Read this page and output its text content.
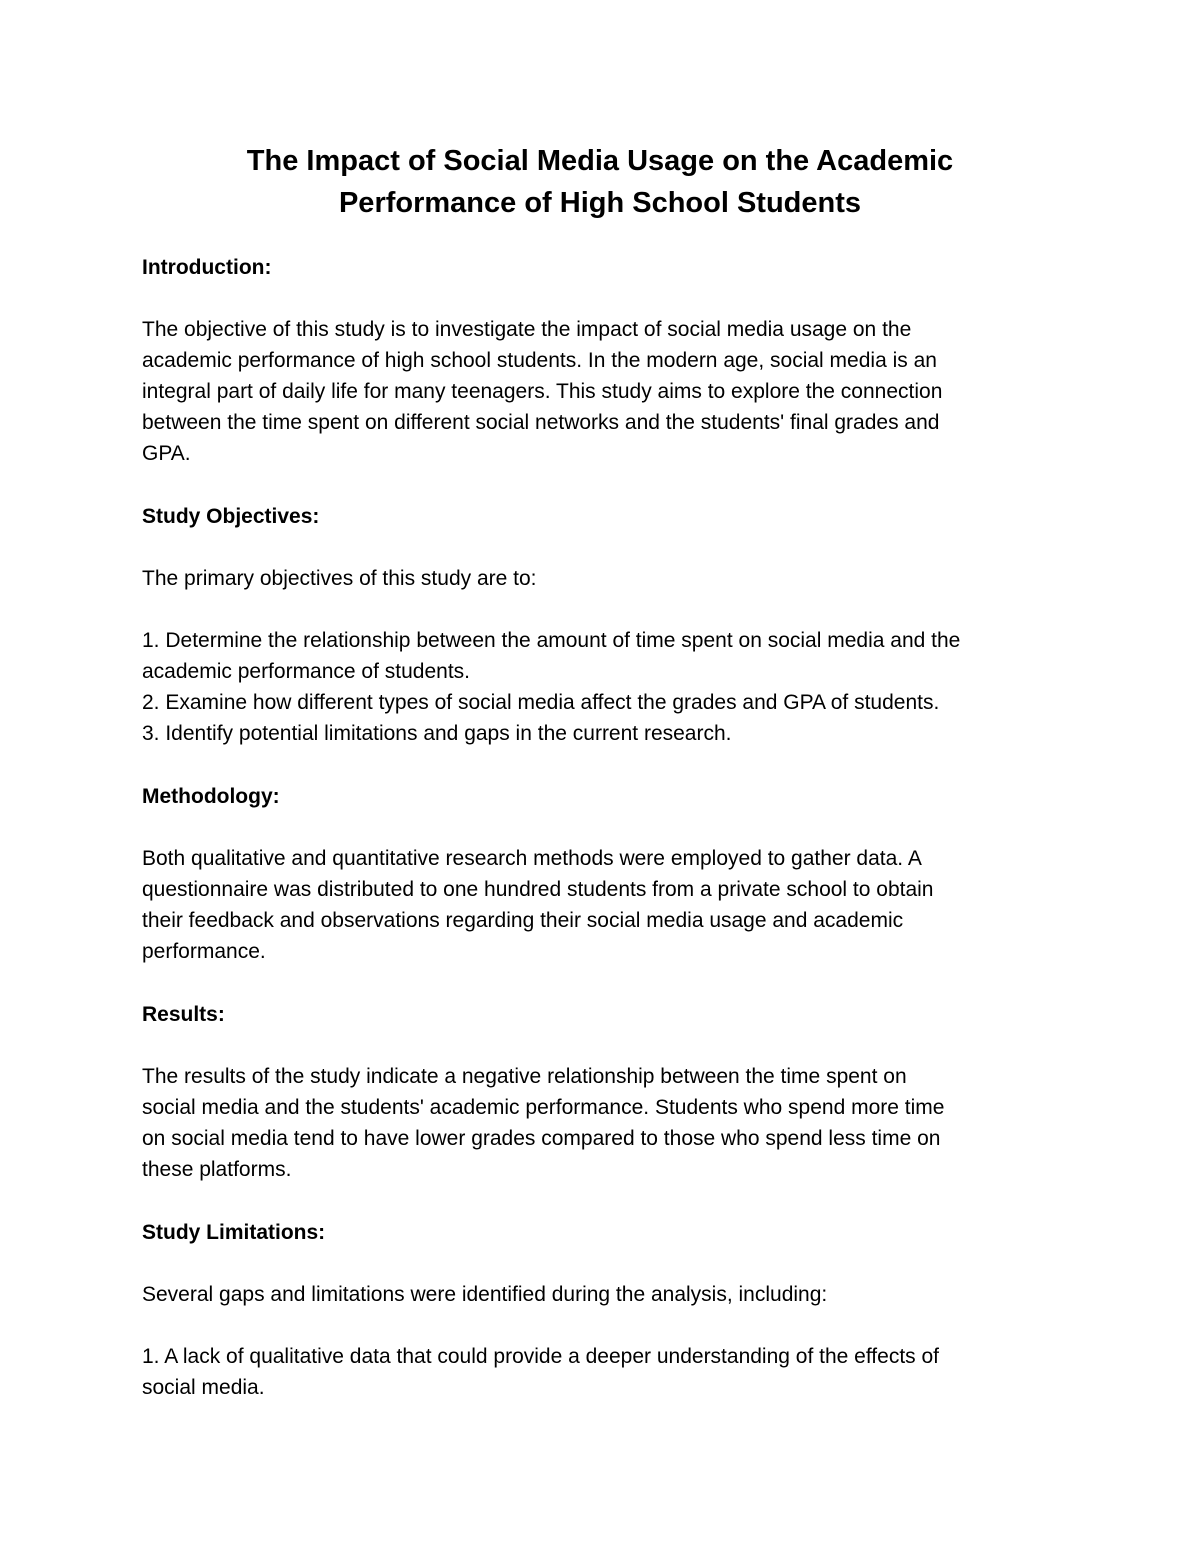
The Impact of Social Media Usage on the Academic
Performance of High School Students
Introduction:

The objective of this study is to investigate the impact of social media usage on the
academic performance of high school students. In the modern age, social media is an
integral part of daily life for many teenagers. This study aims to explore the connection
between the time spent on different social networks and the students' final grades and
GPA.

Study Objectives:

The primary objectives of this study are to:

1. Determine the relationship between the amount of time spent on social media and the
academic performance of students.
2. Examine how different types of social media affect the grades and GPA of students.
3. Identify potential limitations and gaps in the current research.

Methodology:

Both qualitative and quantitative research methods were employed to gather data. A
questionnaire was distributed to one hundred students from a private school to obtain
their feedback and observations regarding their social media usage and academic
performance.

Results:

The results of the study indicate a negative relationship between the time spent on
social media and the students' academic performance. Students who spend more time
on social media tend to have lower grades compared to those who spend less time on
these platforms.

Study Limitations:

Several gaps and limitations were identified during the analysis, including:

1. A lack of qualitative data that could provide a deeper understanding of the effects of
social media.
